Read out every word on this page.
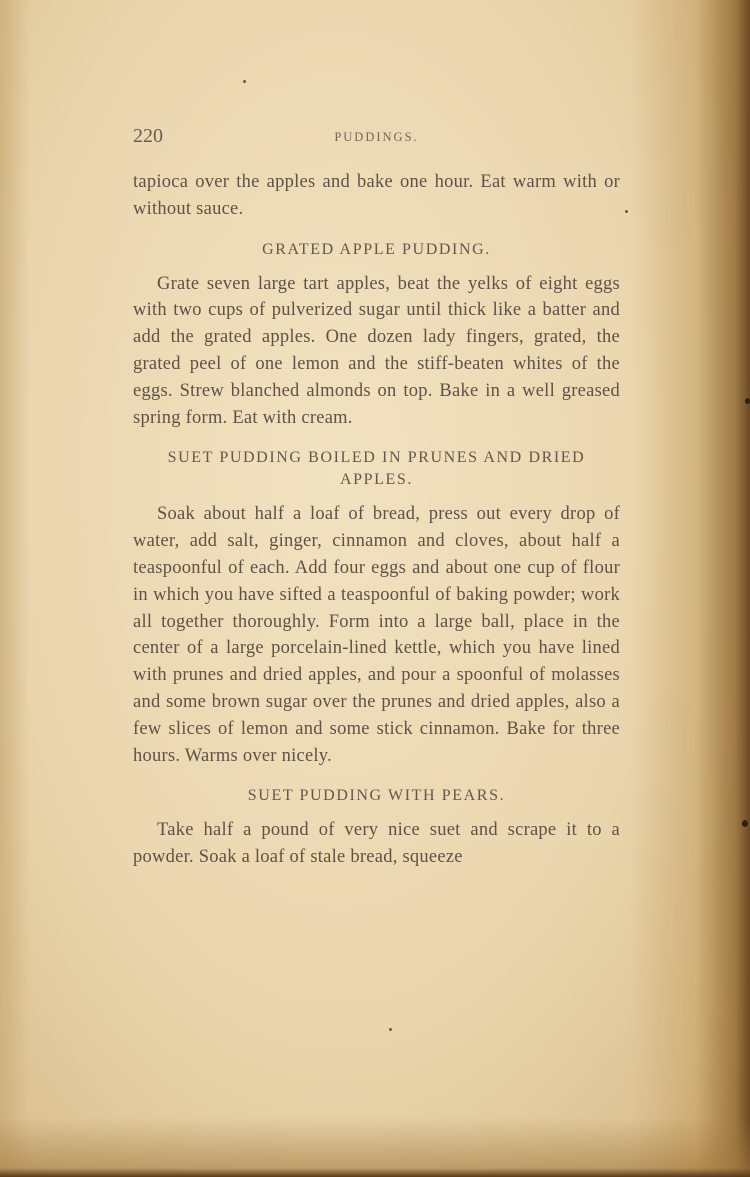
220	PUDDINGS.

tapioca over the apples and bake one hour. Eat warm with or without sauce.

GRATED APPLE PUDDING.

Grate seven large tart apples, beat the yelks of eight eggs with two cups of pulverized sugar until thick like a batter and add the grated apples. One dozen lady fingers, grated, the grated peel of one lemon and the stiff-beaten whites of the eggs. Strew blanched almonds on top. Bake in a well greased spring form. Eat with cream.

SUET PUDDING BOILED IN PRUNES AND DRIED APPLES.

Soak about half a loaf of bread, press out every drop of water, add salt, ginger, cinnamon and cloves, about half a teaspoonful of each. Add four eggs and about one cup of flour in which you have sifted a teaspoonful of baking powder; work all together thoroughly. Form into a large ball, place in the center of a large porcelain-lined kettle, which you have lined with prunes and dried apples, and pour a spoonful of molasses and some brown sugar over the prunes and dried apples, also a few slices of lemon and some stick cinnamon. Bake for three hours. Warms over nicely.

SUET PUDDING WITH PEARS.

Take half a pound of very nice suet and scrape it to a powder. Soak a loaf of stale bread, squeeze
